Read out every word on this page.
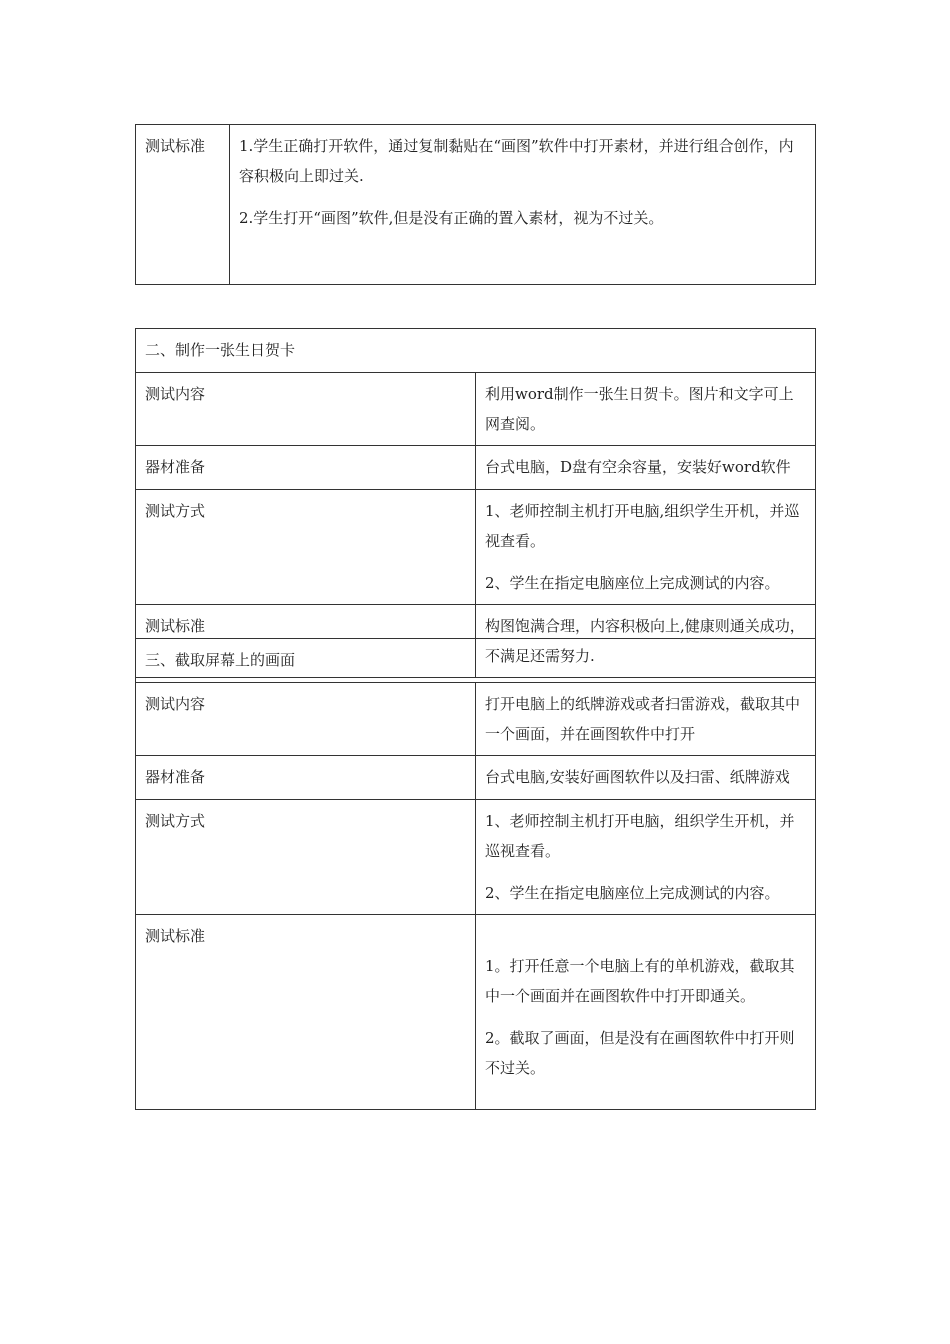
测试标准	1.学生正确打开软件，通过复制黏贴在“画图”软件中打开素材，并进行组合创作，内容积极向上即过关.

2.学生打开“画图”软件,但是没有正确的置入素材，视为不过关。

二、制作一张生日贺卡	
测试内容	利用word制作一张生日贺卡。图片和文字可上网查阅。
器材准备	台式电脑，D盘有空余容量，安装好word软件
测试方式	1、老师控制主机打开电脑,组织学生开机，并巡视查看。

2、学生在指定电脑座位上完成测试的内容。

测试标准	构图饱满合理，内容积极向上,健康则通关成功，不满足还需努力.
三、截取屏幕上的画面	
测试内容	打开电脑上的纸牌游戏或者扫雷游戏，截取其中一个画面，并在画图软件中打开
器材准备	台式电脑,安装好画图软件以及扫雷、纸牌游戏
测试方式	1、老师控制主机打开电脑，组织学生开机，并巡视查看。

2、学生在指定电脑座位上完成测试的内容。

测试标准	1。打开任意一个电脑上有的单机游戏，截取其中一个画面并在画图软件中打开即通关。

2。截取了画面，但是没有在画图软件中打开则不过关。
